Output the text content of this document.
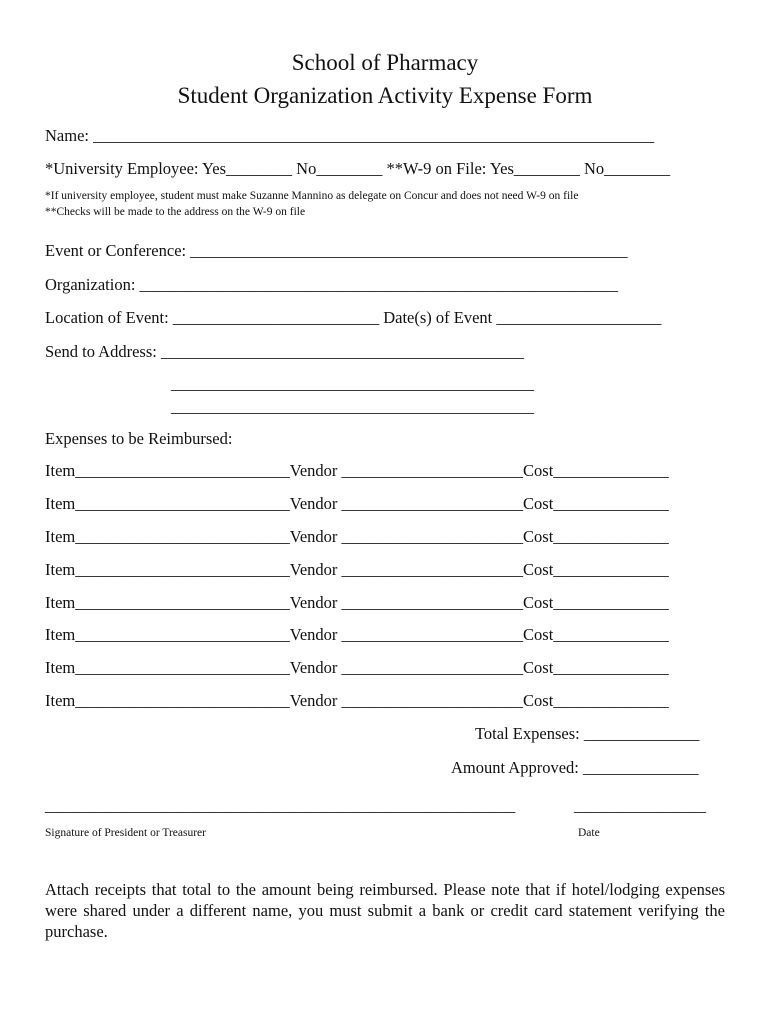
School of Pharmacy
Student Organization Activity Expense Form
Name: ____________________________________________________________________
*University Employee: Yes________ No________ **W-9 on File: Yes________ No________
*If university employee, student must make Suzanne Mannino as delegate on Concur and does not need W-9 on file
**Checks will be made to the address on the W-9 on file
Event or Conference: _____________________________________________________
Organization: __________________________________________________________
Location of Event: _________________________ Date(s) of Event ____________________
Send to Address: ____________________________________________
____________________________________________
____________________________________________
Expenses to be Reimbursed:
Item__________________________Vendor ______________________Cost______________
Item__________________________Vendor ______________________Cost______________
Item__________________________Vendor ______________________Cost______________
Item__________________________Vendor ______________________Cost______________
Item__________________________Vendor ______________________Cost______________
Item__________________________Vendor ______________________Cost______________
Item__________________________Vendor ______________________Cost______________
Item__________________________Vendor ______________________Cost______________
Total Expenses: ______________
Amount Approved: ______________
_________________________________________________________	________________
Signature of President or Treasurer	Date
Attach receipts that total to the amount being reimbursed. Please note that if hotel/lodging expenses were shared under a different name, you must submit a bank or credit card statement verifying the purchase.
